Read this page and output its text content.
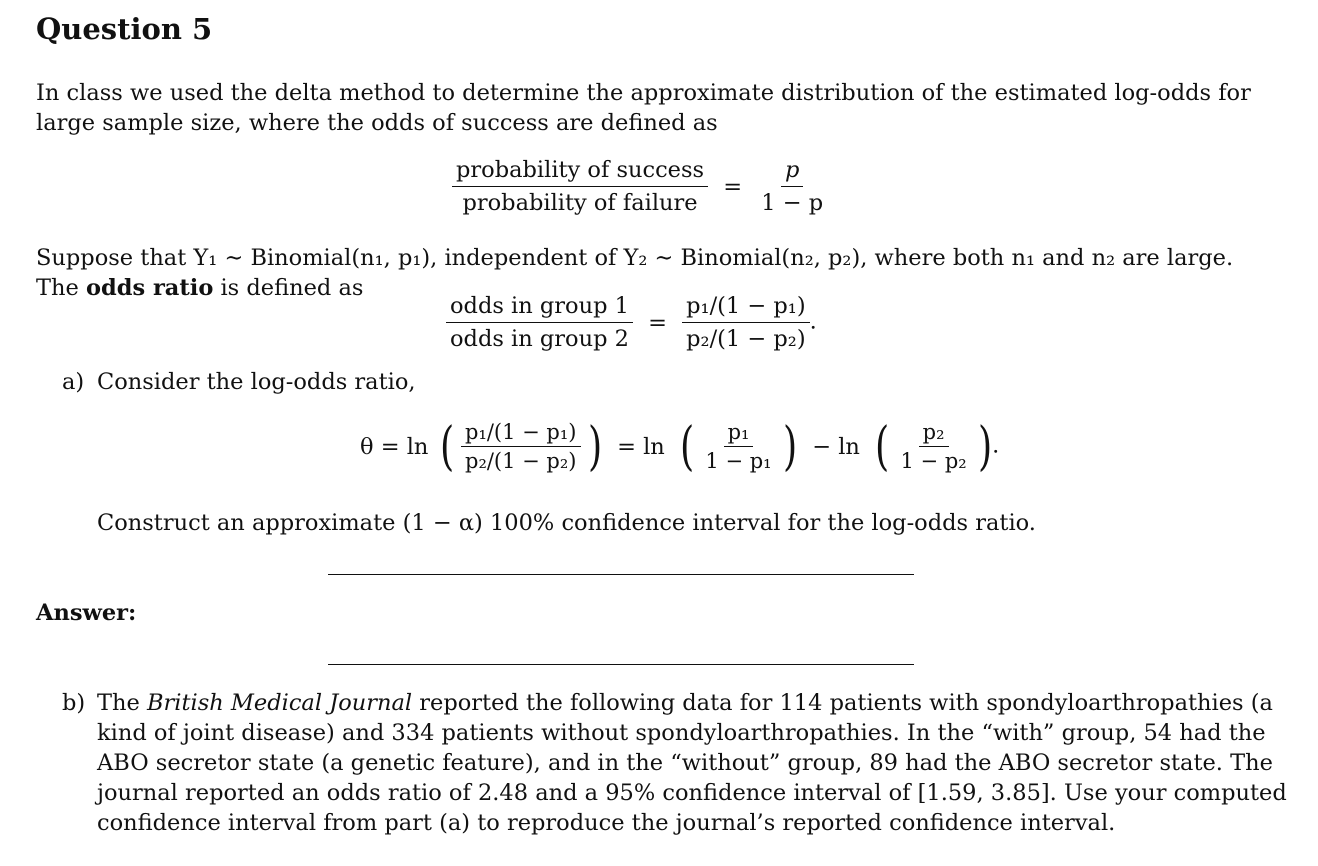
Question 5

In class we used the delta method to determine the approximate distribution of the estimated log-odds for
large sample size, where the odds of success are defined as

$\frac{\text{probability of success}}{\text{probability of failure}} = \frac{p}{1 - p}$

Suppose that Y₁ ∼ Binomial(n₁, p₁), independent of Y₂ ∼ Binomial(n₂, p₂), where both n₁ and n₂ are large.
The odds ratio is defined as

$\frac{\text{odds in group 1}}{\text{odds in group 2}} = \frac{\text{p₁/(1 − p₁)}}{\text{p₂/(1 − p₂)}}$ .
a) Consider the log-odds ratio,
θ = ln ( $\frac{\text{p₁/(1 − p₁)}}{\text{p₂/(1 − p₂)}}$ ) = ln ( $\frac{\text{p₁}}{\text{1 − p₁}}$ ) − ln ( $\frac{\text{p₂}}{\text{1 − p₂}}$ ).
Construct an approximate (1 − α) 100% confidence interval for the log-odds ratio.
Answer:
b) The British Medical Journal reported the following data for 114 patients with spondyloarthropathies (a
kind of joint disease) and 334 patients without spondyloarthropathies. In the “with” group, 54 had the
ABO secretor state (a genetic feature), and in the “without” group, 89 had the ABO secretor state. The
journal reported an odds ratio of 2.48 and a 95% confidence interval of [1.59, 3.85]. Use your computed
confidence interval from part (a) to reproduce the journal’s reported confidence interval.
